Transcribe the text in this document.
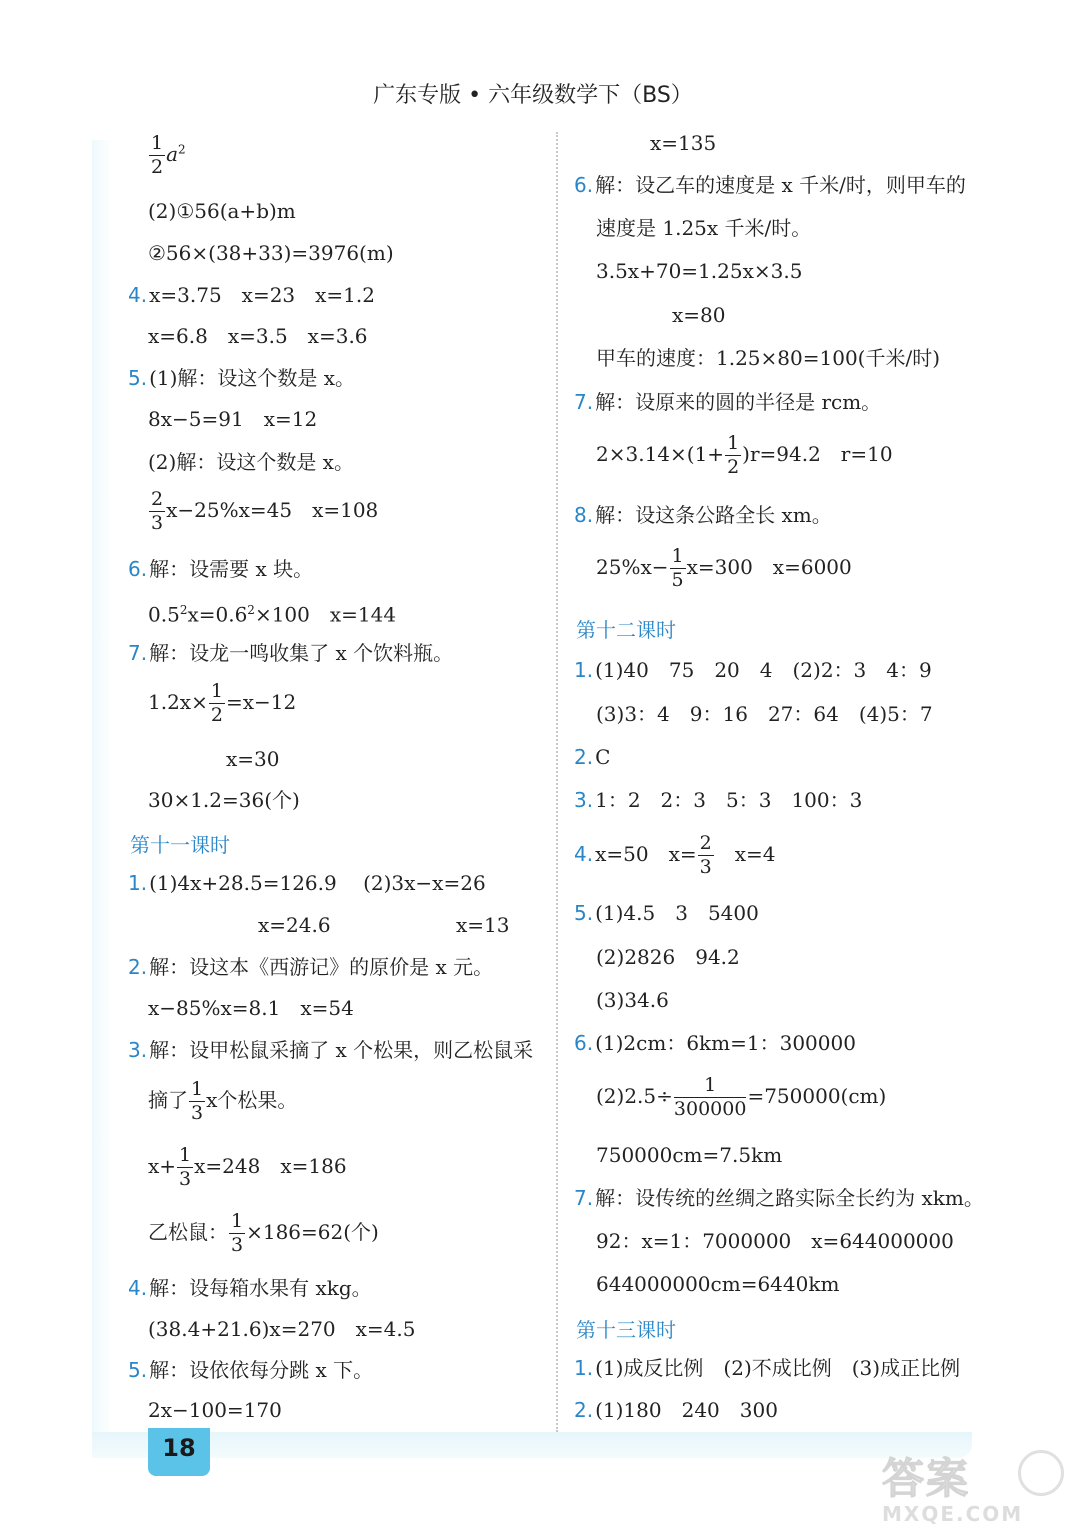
广东专版 • 六年级数学下（BS）
$\frac{1}{2} a^2$
(2)①56(a+b)m
②56×(38+33)=3976(m)
4. x=3.75　x=23　x=1.2
x=6.8　x=3.5　x=3.6
5. (1)解：设这个数是 x。
8x−5=91　x=12
(2)解：设这个数是 x。
$\frac{2}{3} x-25\%x=45$　x=108
6. 解：设需要 x 块。
$0.5^2x=0.6^2\times 100$　x=144
7. 解：设龙一鸣收集了 x 个饮料瓶。
$1.2x\times \frac{1}{2} =x-12$
x=30
30×1.2=36(个)
第十一课时
1. (1)4x+28.5=126.9　 (2)3x−x=26
x=24.6	x=13
2. 解：设这本《西游记》的原价是 x 元。
x−85%x=8.1　x=54
3. 解：设甲松鼠采摘了 x 个松果，则乙松鼠采
摘了 $\frac{1}{3}$ x个松果。
$x+ \frac{1}{3} x=248$　x=186
乙松鼠： $\frac{1}{3} \times 186=62$(个)
4. 解：设每箱水果有 xkg。
(38.4+21.6)x=270　x=4.5
5. 解：设依依每分跳 x 下。
2x−100=170
x=135
6. 解：设乙车的速度是 x 千米/时，则甲车的
速度是 1.25x 千米/时。
3.5x+70=1.25x×3.5
x=80
甲车的速度：1.25×80=100(千米/时)
7. 解：设原来的圆的半径是 rcm。
$2\times 3.14\times(1+ \frac{1}{2} )r=94.2$　r=10
8. 解：设这条公路全长 xm。
$25\%x- \frac{1}{5} x=300$　x=6000
第十二课时
1. (1)40　75　20　4　(2)2：3　4：9
(3)3：4　9：16　27：64　(4)5：7
2. C
3. 1：2　2：3　5：3　100：3
4. x=50　$x= \frac{2}{3}$ 　x=4
5. (1)4.5　3　5400
(2)2826　94.2
(3)34.6
6. (1)2cm：6km=1：300000
$(2)2.5\div \frac{1}{300000} =750000(cm)$
750000cm=7.5km
7. 解：设传统的丝绸之路实际全长约为 xkm。
92：x=1：7000000　x=644000000
644000000cm=6440km
第十三课时
1. (1)成反比例　(2)不成比例　(3)成正比例
2. (1)180　240　300
18
答案
MXQE.COM
